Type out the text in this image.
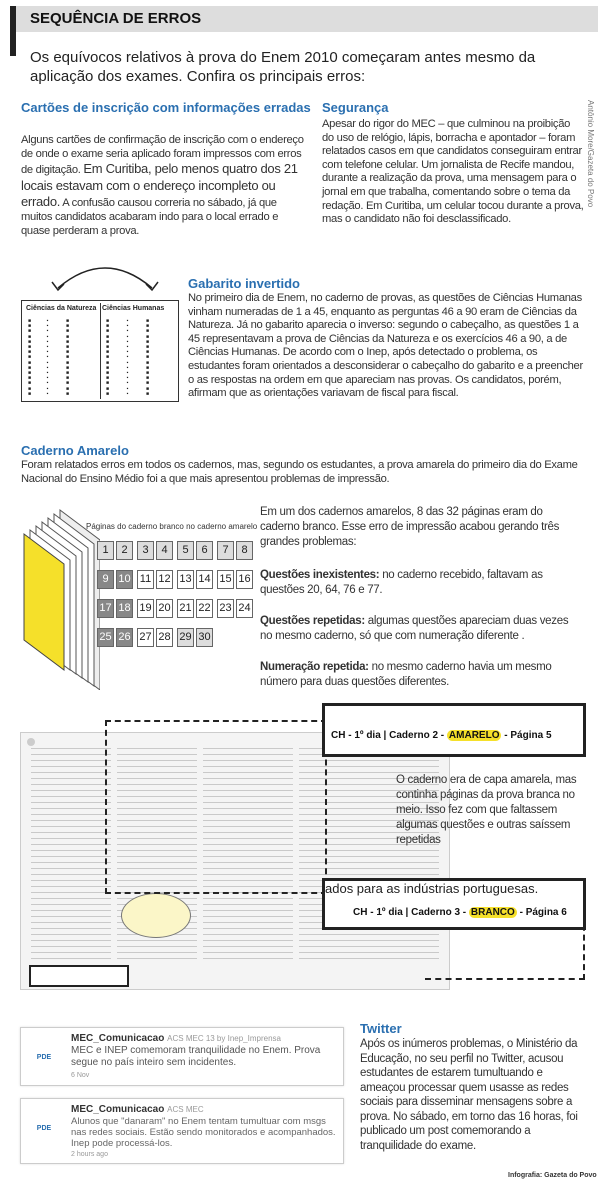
SEQUÊNCIA DE ERROS
Os equívocos relativos à prova do Enem 2010 começaram antes mesmo da aplicação dos exames. Confira os principais erros:
Antônio More/Gazeta do Povo
Cartões de inscrição com informações erradas
Alguns cartões de confirmação de inscrição com o endereço de onde o exame seria aplicado foram impressos com erros de digitação. Em Curitiba, pelo menos quatro dos 21 locais estavam com o endereço incompleto ou errado. A confusão causou correria no sábado, já que muitos candidatos acabaram indo para o local errado e quase perderam a prova.
Segurança
Apesar do rigor do MEC – que culminou na proibição do uso de relógio, lápis, borracha e apontador – foram relatados casos em que candidatos conseguiram entrar com telefone celular. Um jornalista de Recife mandou, durante a realização da prova, uma mensagem para o jornal em que trabalha, comentando sobre o tema da redação. Em Curitiba, um celular tocou durante a prova, mas o candidato não foi desclassificado.
Ciências da Natureza Ciências Humanas
■
■
■
■
■
■
■
■
■
■
■
■
■
■
■
▪
▪
▪
▪
▪
▪
▪
▪
▪
▪
▪
▪
▪
▪
▪
■
■
■
■
■
■
■
■
■
■
■
■
■
■
■
■
■
■
■
■
■
■
■
■
■
■
■
■
■
■
▪
▪
▪
▪
▪
▪
▪
▪
▪
▪
▪
▪
▪
▪
▪
■
■
■
■
■
■
■
■
■
■
■
■
■
■
■
Gabarito invertido
No primeiro dia de Enem, no caderno de provas, as questões de Ciências Humanas vinham numeradas de 1 a 45, enquanto as perguntas 46 a 90 eram de Ciências da Natureza. Já no gabarito aparecia o inverso: segundo o cabeçalho, as questões 1 a 45 representavam a prova de Ciências da Natureza e os exercícios 46 a 90, a de Ciências Humanas. De acordo com o Inep, após detectado o problema, os estudantes foram orientados a desconsiderar o cabeçalho do gabarito e a preencher o as respostas na ordem em que apareciam nas provas. Os candidatos, porém, afirmam que as orientações variavam de fiscal para fiscal.
Caderno Amarelo
Foram relatados erros em todos os cadernos, mas, segundo os estudantes, a prova amarela do primeiro dia do Exame Nacional do Ensino Médio foi a que mais apresentou problemas de impressão.
Páginas do caderno branco no caderno amarelo
Em um dos cadernos amarelos, 8 das 32 páginas eram do caderno branco. Esse erro de impressão acabou gerando três grandes problemas:
Questões inexistentes: no caderno recebido, faltavam as questões 20, 64, 76 e 77.
Questões repetidas: algumas questões apareciam duas vezes no mesmo caderno, só que com numeração diferente .
Numeração repetida: no mesmo caderno havia um mesmo número para duas questões diferentes.
CH - 1º dia | Caderno 2 - AMARELO - Página 5
ados para as indústrias portuguesas.
CH - 1º dia | Caderno 3 - BRANCO - Página 6
O caderno era de capa amarela, mas continha páginas da prova branca no meio. Isso fez com que faltassem algumas questões e outras saíssem repetidas
PDE
MEC_Comunicacao ACS MEC 13 by Inep_Imprensa
MEC e INEP comemoram tranquilidade no Enem. Prova segue no país inteiro sem incidentes.
6 Nov
PDE
MEC_Comunicacao ACS MEC
Alunos que "danaram" no Enem tentam tumultuar com msgs nas redes sociais. Estão sendo monitorados e acompanhados. Inep pode processá-los.
2 hours ago
Twitter
Após os inúmeros problemas, o Ministério da Educação, no seu perfil no Twitter, acusou estudantes de estarem tumultuando e ameaçou processar quem usasse as redes sociais para disseminar mensagens sobre a prova. No sábado, em torno das 16 horas, foi publicado um post comemorando a tranquilidade do exame.
Infografia: Gazeta do Povo
1	2	3	4	5	6	7	8
9 10 11 12 13 14 15 16
17 18 19 20 21 22 23 24
25 26 27 28 29 30
